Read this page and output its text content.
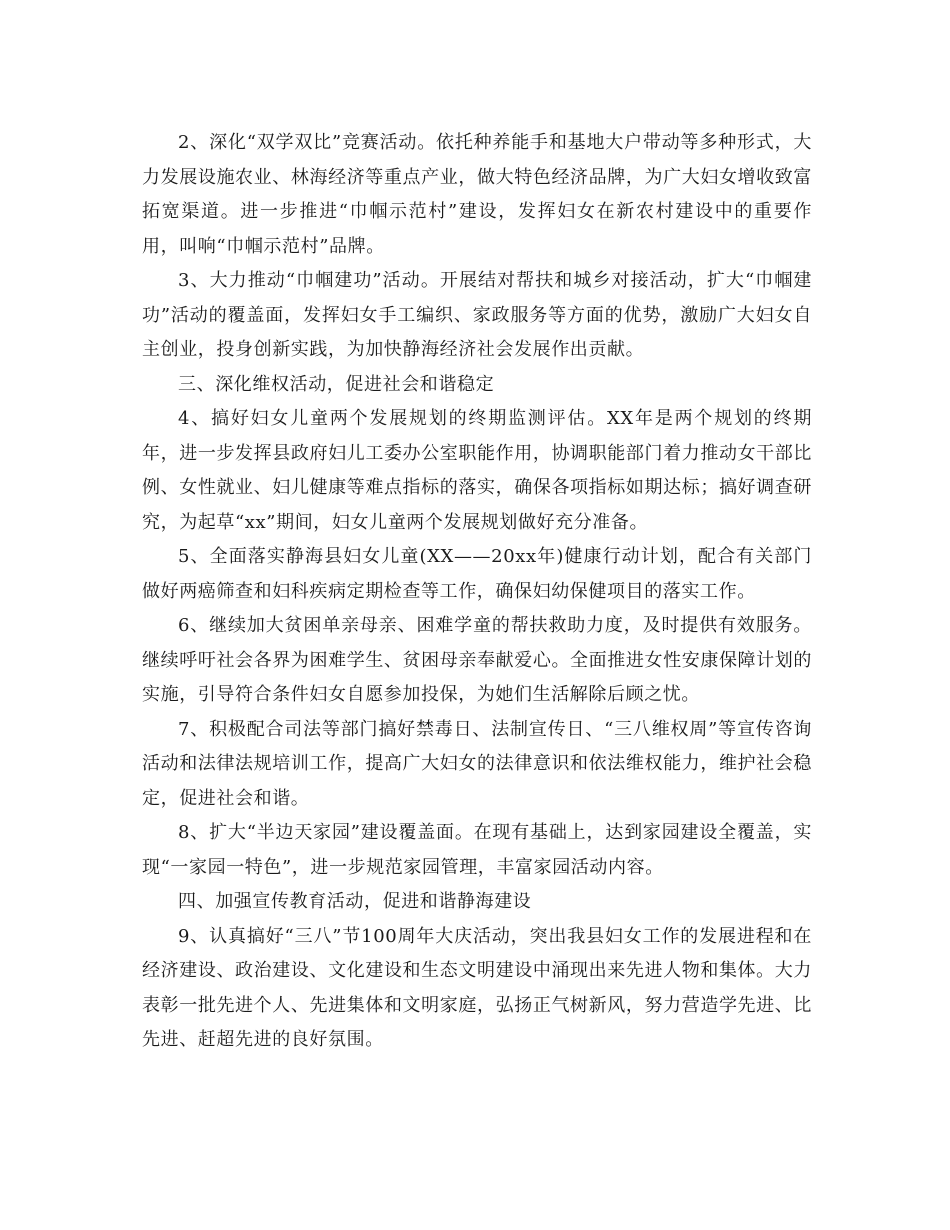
2、深化“双学双比”竞赛活动。依托种养能手和基地大户带动等多种形式，大力发展设施农业、林海经济等重点产业，做大特色经济品牌，为广大妇女增收致富拓宽渠道。进一步推进“巾帼示范村”建设，发挥妇女在新农村建设中的重要作用，叫响“巾帼示范村”品牌。

3、大力推动“巾帼建功”活动。开展结对帮扶和城乡对接活动，扩大“巾帼建功”活动的覆盖面，发挥妇女手工编织、家政服务等方面的优势，激励广大妇女自主创业，投身创新实践，为加快静海经济社会发展作出贡献。

三、深化维权活动，促进社会和谐稳定

4、搞好妇女儿童两个发展规划的终期监测评估。XX年是两个规划的终期年，进一步发挥县政府妇儿工委办公室职能作用，协调职能部门着力推动女干部比例、女性就业、妇儿健康等难点指标的落实，确保各项指标如期达标；搞好调查研究，为起草“xx”期间，妇女儿童两个发展规划做好充分准备。

5、全面落实静海县妇女儿童(XX——20xx年)健康行动计划，配合有关部门做好两癌筛查和妇科疾病定期检查等工作，确保妇幼保健项目的落实工作。

6、继续加大贫困单亲母亲、困难学童的帮扶救助力度，及时提供有效服务。继续呼吁社会各界为困难学生、贫困母亲奉献爱心。全面推进女性安康保障计划的实施，引导符合条件妇女自愿参加投保，为她们生活解除后顾之忧。

7、积极配合司法等部门搞好禁毒日、法制宣传日、“三八维权周”等宣传咨询活动和法律法规培训工作，提高广大妇女的法律意识和依法维权能力，维护社会稳定，促进社会和谐。

8、扩大“半边天家园”建设覆盖面。在现有基础上，达到家园建设全覆盖，实现“一家园一特色”，进一步规范家园管理，丰富家园活动内容。

四、加强宣传教育活动，促进和谐静海建设

9、认真搞好“三八”节100周年大庆活动，突出我县妇女工作的发展进程和在经济建设、政治建设、文化建设和生态文明建设中涌现出来先进人物和集体。大力表彰一批先进个人、先进集体和文明家庭，弘扬正气树新风，努力营造学先进、比先进、赶超先进的良好氛围。
